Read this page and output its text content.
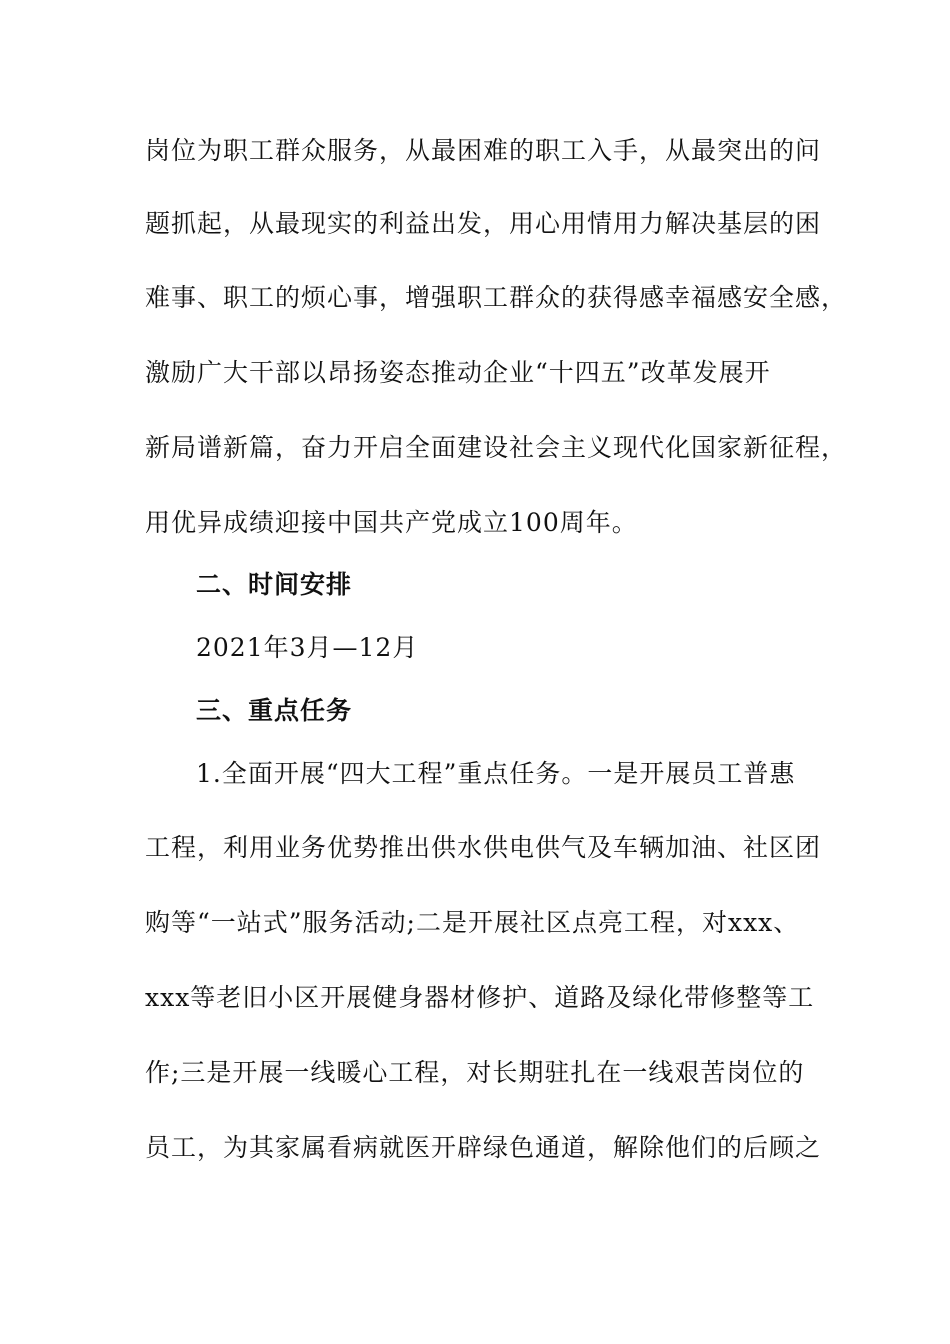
岗位为职工群众服务，从最困难的职工入手，从最突出的问
题抓起，从最现实的利益出发，用心用情用力解决基层的困
难事、职工的烦心事，增强职工群众的获得感幸福感安全感，
激励广大干部以昂扬姿态推动企业“十四五”改革发展开
新局谱新篇，奋力开启全面建设社会主义现代化国家新征程，
用优异成绩迎接中国共产党成立100周年。
二、时间安排
2021年3月—12月
三、重点任务
1.全面开展“四大工程”重点任务。一是开展员工普惠
工程，利用业务优势推出供水供电供气及车辆加油、社区团
购等“一站式”服务活动;二是开展社区点亮工程，对xxx、
xxx等老旧小区开展健身器材修护、道路及绿化带修整等工
作;三是开展一线暖心工程，对长期驻扎在一线艰苦岗位的
员工，为其家属看病就医开辟绿色通道，解除他们的后顾之
